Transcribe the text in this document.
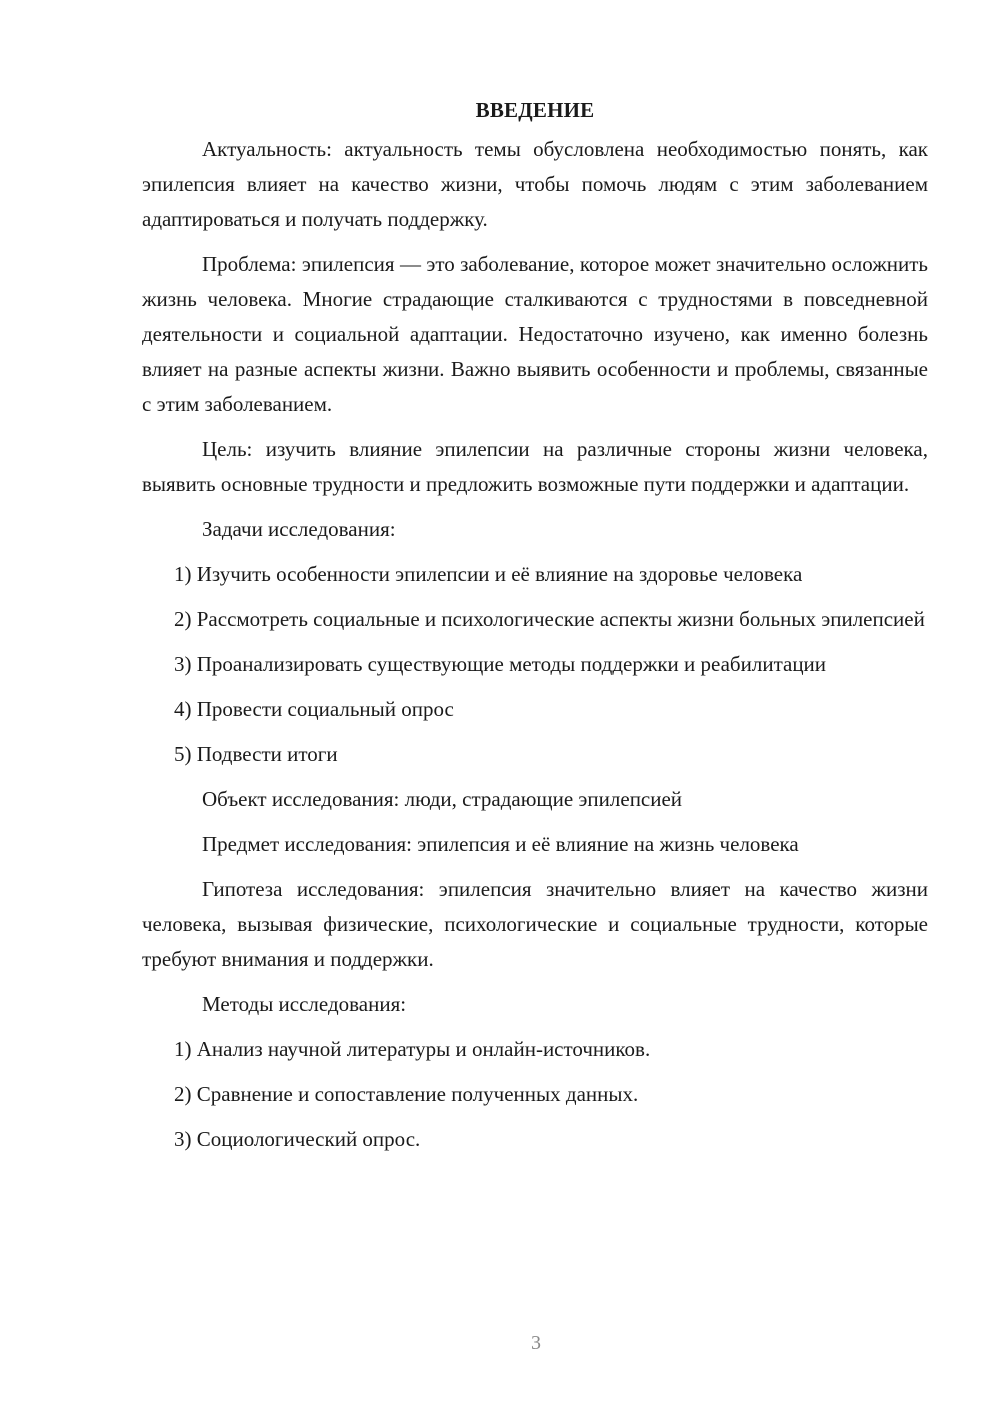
ВВЕДЕНИЕ

Актуальность: актуальность темы обусловлена необходимостью понять, как эпилепсия влияет на качество жизни, чтобы помочь людям с этим заболеванием адаптироваться и получать поддержку.

Проблема: эпилепсия — это заболевание, которое может значительно осложнить жизнь человека. Многие страдающие сталкиваются с трудностями в повседневной деятельности и социальной адаптации. Недостаточно изучено, как именно болезнь влияет на разные аспекты жизни. Важно выявить особенности и проблемы, связанные с этим заболеванием.

Цель: изучить влияние эпилепсии на различные стороны жизни человека, выявить основные трудности и предложить возможные пути поддержки и адаптации.

Задачи исследования:

1) Изучить особенности эпилепсии и её влияние на здоровье человека

2) Рассмотреть социальные и психологические аспекты жизни больных эпилепсией

3) Проанализировать существующие методы поддержки и реабилитации

4) Провести социальный опрос

5) Подвести итоги

Объект исследования: люди, страдающие эпилепсией

Предмет исследования: эпилепсия и её влияние на жизнь человека

Гипотеза исследования: эпилепсия значительно влияет на качество жизни человека, вызывая физические, психологические и социальные трудности, которые требуют внимания и поддержки.

Методы исследования:

1) Анализ научной литературы и онлайн-источников.

2) Сравнение и сопоставление полученных данных.

3) Социологический опрос.

3
